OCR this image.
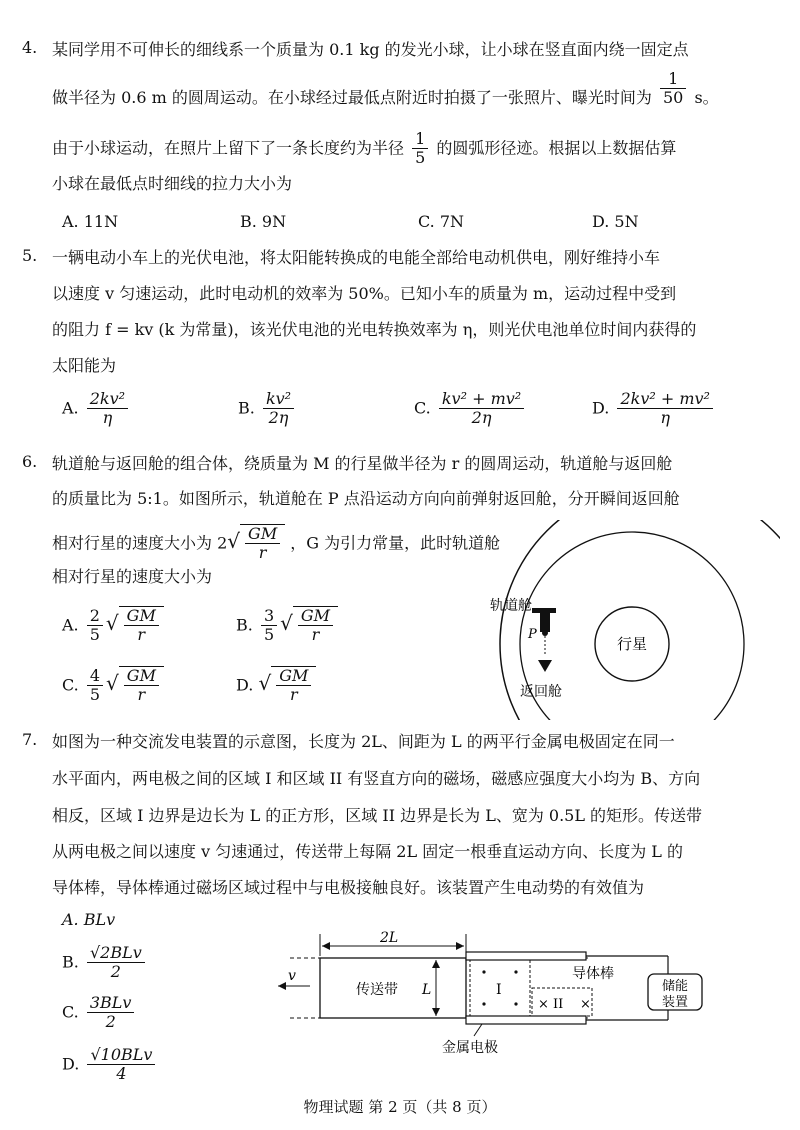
4. 某同学用不可伸长的细线系一个质量为 0.1 kg 的发光小球，让小球在竖直面内绕一固定点
做半径为 0.6 m 的圆周运动。在小球经过最低点附近时拍摄了一张照片、曝光时间为 $\frac{1}{50}$ s。
由于小球运动，在照片上留下了一条长度约为半径 $\frac{1}{5}$ 的圆弧形径迹。根据以上数据估算
小球在最低点时细线的拉力大小为
A. 11N	B. 9N	C. 7N	D. 5N
5. 一辆电动小车上的光伏电池，将太阳能转换成的电能全部给电动机供电，刚好维持小车
以速度 v 匀速运动，此时电动机的效率为 50%。已知小车的质量为 m，运动过程中受到
的阻力 f = kv (k 为常量)，该光伏电池的光电转换效率为 η，则光伏电池单位时间内获得的
太阳能为
A. $\frac{\text{2kv²}}{\eta}$	B. $\frac{\text{kv²}}{2\eta}$	C. $\frac{\text{kv² + mv²}}{2\eta}$	D. $\frac{\text{2kv² + mv²}}{\eta}$
6. 轨道舱与返回舱的组合体，绕质量为 M 的行星做半径为 r 的圆周运动，轨道舱与返回舱
的质量比为 5:1。如图所示，轨道舱在 P 点沿运动方向向前弹射返回舱，分开瞬间返回舱
相对行星的速度大小为 $2√ \frac{GM}{r}$ ，G 为引力常量，此时轨道舱
相对行星的速度大小为
A. $\frac{2}{5}$ √ $\frac{GM}{r}$	B. $\frac{3}{5}$ √ $\frac{GM}{r}$
C. $\frac{4}{5}$ √ $\frac{GM}{r}$	D. √ $\frac{GM}{r}$
行星
P
轨道舱
返回舱
7. 如图为一种交流发电装置的示意图，长度为 2L、间距为 L 的两平行金属电极固定在同一
水平面内，两电极之间的区域 I 和区域 II 有竖直方向的磁场，磁感应强度大小均为 B、方向
相反，区域 I 边界是边长为 L 的正方形，区域 II 边界是长为 L、宽为 0.5L 的矩形。传送带
从两电极之间以速度 v 匀速通过，传送带上每隔 2L 固定一根垂直运动方向、长度为 L 的
导体棒，导体棒通过磁场区域过程中与电极接触良好。该装置产生电动势的有效值为
A. BLv
B. $\frac{\text{√2BLv}}{2}$
C. $\frac{\text{3BLv}}{2}$
D. $\frac{\text{√10BLv}}{4}$
2L
传送带 L
v
I
× II ×
导体棒
储能
装置
金属电极
物理试题 第 2 页（共 8 页）
